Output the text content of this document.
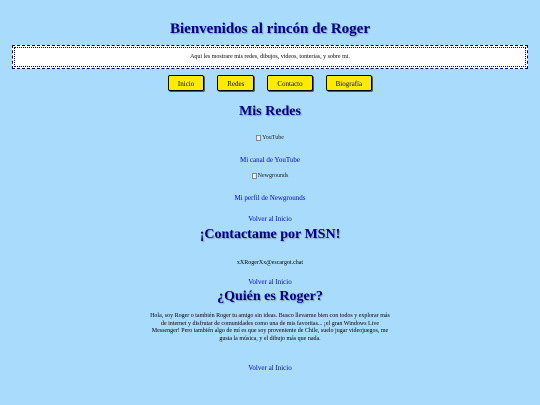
Bienvenidos al rincón de Roger
Aqui les mostrare mis redes, dibujos, videos, tonterias, y sobre mi.
Inicio	Redes	Contacto	Biografía
Mis Redes
YouTube
Mi canal de YouTube
Newgrounds
Mi perfil de Newgrounds
Volver al Inicio
¡Contactame por MSN!
xXRogerXx@escargot.chat
Volver al Inicio
¿Quién es Roger?
Hola, soy Roger o también Roger tu amigo sin ideas. Busco llevarme bien con todos y explorar más de internet y disfrutar de comunidades como una de mis favoritas... ¡el gran Windows Live Messenger! Pero también algo de mí es que soy proveniente de Chile, suelo jugar videojuegos, me gusta la música, y el dibujo más que nada.
Volver al Inicio
